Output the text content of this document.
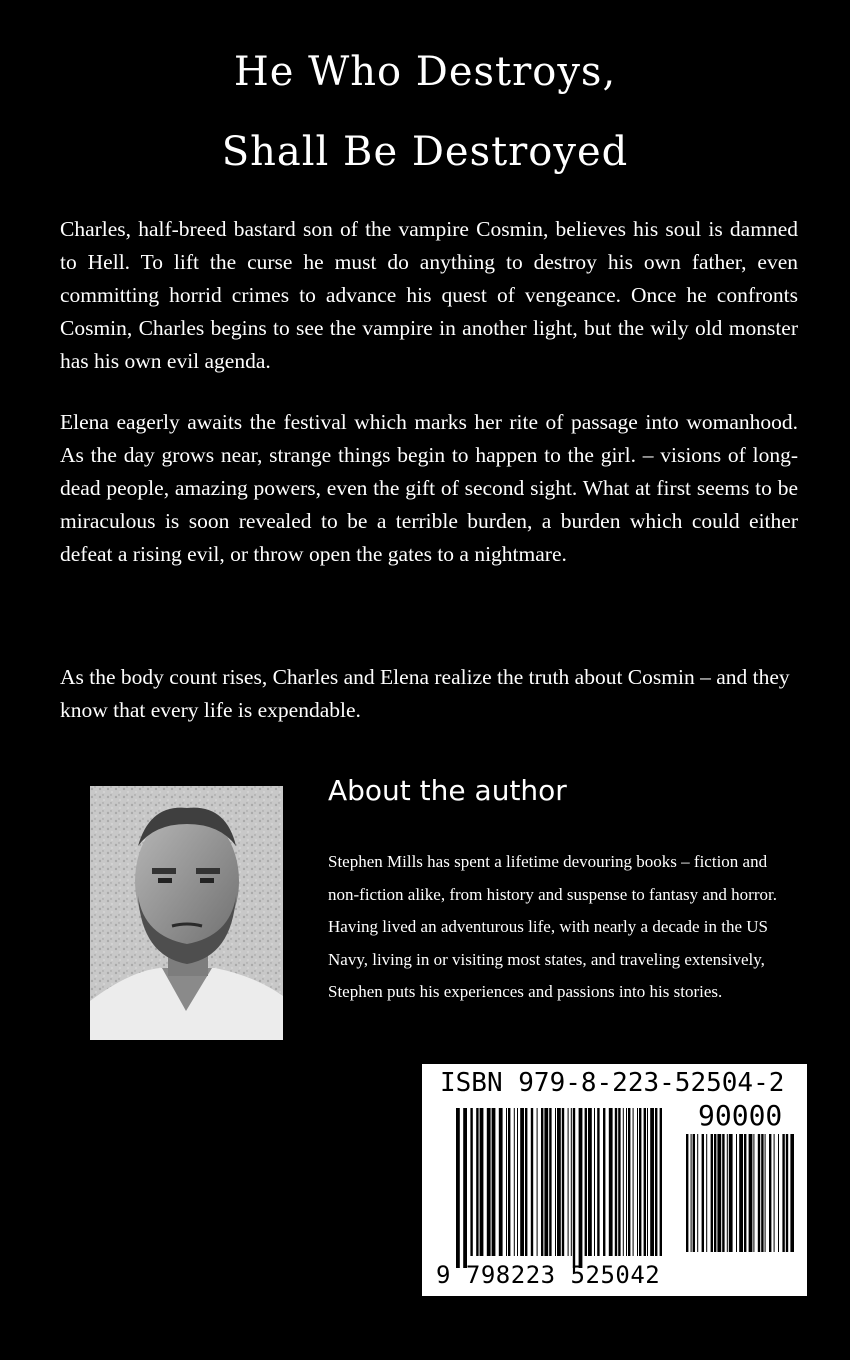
He Who Destroys,
Shall Be Destroyed

Charles, half-breed bastard son of the vampire Cosmin, believes his soul is damned to Hell. To lift the curse he must do anything to destroy his own father, even committing horrid crimes to advance his quest of vengeance. Once he confronts Cosmin, Charles begins to see the vampire in another light, but the wily old monster has his own evil agenda.

Elena eagerly awaits the festival which marks her rite of passage into womanhood. As the day grows near, strange things begin to happen to the girl. – visions of long-dead people, amazing powers, even the gift of second sight. What at first seems to be miraculous is soon revealed to be a terrible burden, a burden which could either defeat a rising evil, or throw open the gates to a nightmare.

As the body count rises, Charles and Elena realize the truth about Cosmin – and they know that every life is expendable.

About the author

Stephen Mills has spent a lifetime devouring books – fiction and non-fiction alike, from history and suspense to fantasy and horror. Having lived an adventurous life, with nearly a decade in the US Navy, living in or visiting most states, and traveling extensively, Stephen puts his experiences and passions into his stories.

ISBN 979-8-223-52504-2
90000
9 798223 525042
